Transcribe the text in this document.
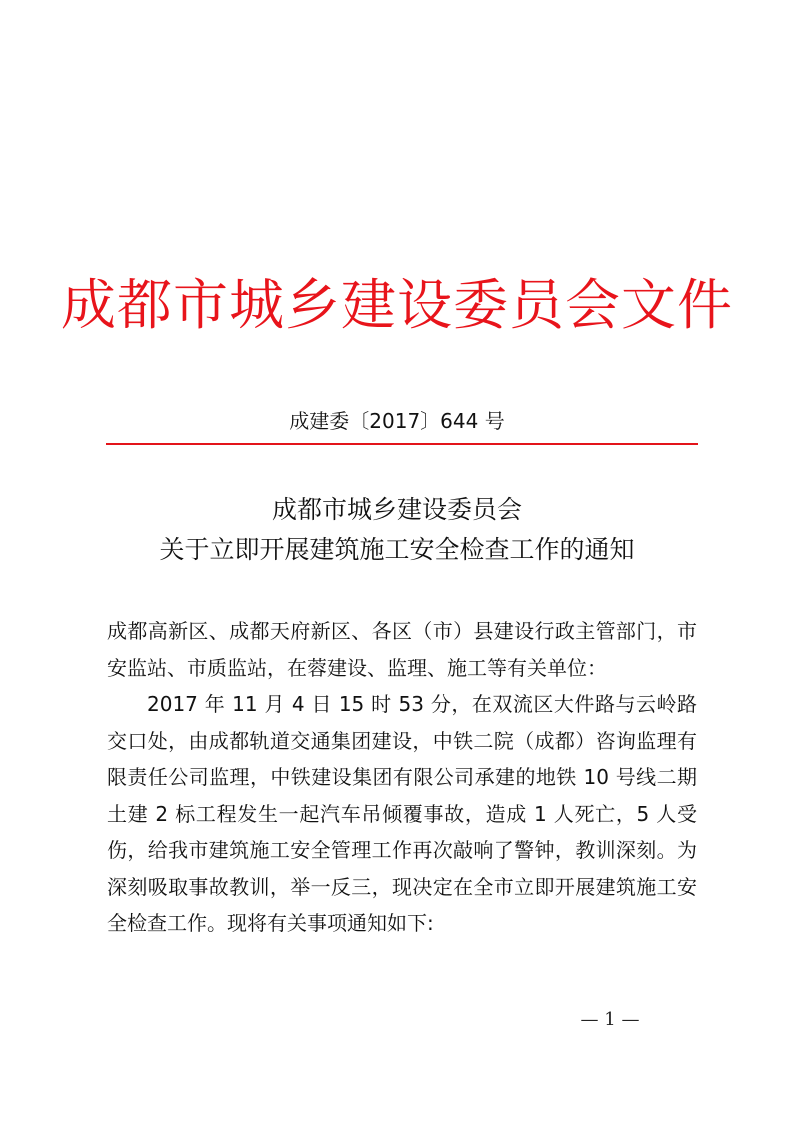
成都市城乡建设委员会文件
成建委〔2017〕644 号
成都市城乡建设委员会
关于立即开展建筑施工安全检查工作的通知

成都高新区、成都天府新区、各区（市）县建设行政主管部门，市安监站、市质监站，在蓉建设、监理、施工等有关单位：

2017 年 11 月 4 日 15 时 53 分，在双流区大件路与云岭路交口处，由成都轨道交通集团建设，中铁二院（成都）咨询监理有限责任公司监理，中铁建设集团有限公司承建的地铁 10 号线二期土建 2 标工程发生一起汽车吊倾覆事故，造成 1 人死亡，5 人受伤，给我市建筑施工安全管理工作再次敲响了警钟，教训深刻。为深刻吸取事故教训，举一反三，现决定在全市立即开展建筑施工安全检查工作。现将有关事项通知如下:

— 1 —
